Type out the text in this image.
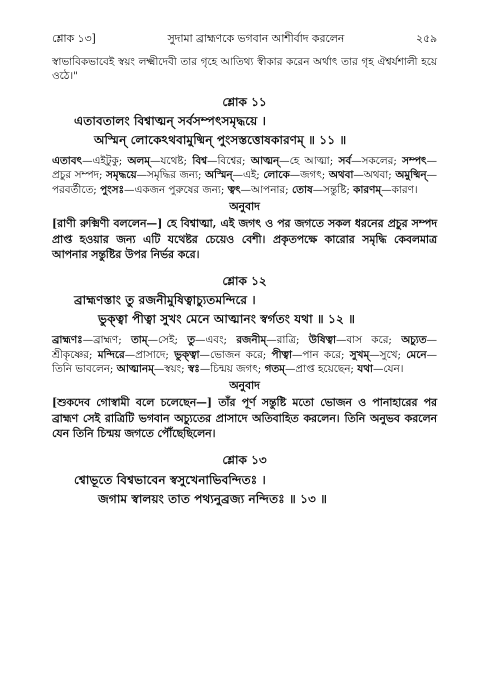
শ্লোক ১৩]	সুদামা ব্রাহ্মণকে ভগবান আশীর্বাদ করলেন	২৫৯

স্বাভাবিকভাবেই স্বয়ং লক্ষ্মীদেবী তার গৃহে আতিথ্য স্বীকার করেন অর্থাৎ তার গৃহ ঐশ্বর্যশালী হয়ে ওঠে।"

শ্লোক ১১
এতাবতালং বিশ্বাত্মন্ সর্বসম্পৎসমৃদ্ধয়ে ।
অস্মিন্ লোকেঽথবামুষ্মিন্ পুংসস্তত্তোষকারণম্ ॥ ১১ ॥

এতাবৎ—এইটুকু; অলম্—যথেষ্ট; বিশ্ব—বিশ্বের; আত্মন্—হে আত্মা; সর্ব—সকলের; সম্পৎ—প্রচুর সম্পদ; সমৃদ্ধয়ে—সমৃদ্ধির জন্য; অস্মিন্—এই; লোকে—জগৎ; অথবা—অথবা; অমুষ্মিন্—পরবর্তীতে; পুংসঃ—একজন পুরুষের জন্য; ত্বৎ—আপনার; তোষ—সন্তুষ্টি; কারণম্—কারণ।

অনুবাদ

[রাণী রুক্মিণী বললেন—] হে বিশ্বাত্মা, এই জগৎ ও পর জগতে সকল ধরনের প্রচুর সম্পদ প্রাপ্ত হওয়ার জন্য এটি যথেষ্টর চেয়েও বেশী। প্রকৃতপক্ষে কারোর সমৃদ্ধি কেবলমাত্র আপনার সন্তুষ্টির উপর নির্ভর করে।

শ্লোক ১২
ব্রাহ্মণস্তাং তু রজনীমুষিত্বাচ্যুতমন্দিরে ।
ভুক্ত্বা পীত্বা সুখং মেনে আত্মানং স্বর্গতং যথা ॥ ১২ ॥

ব্রাহ্মণঃ—ব্রাহ্মণ; তাম্—সেই; তু—এবং; রজনীম্—রাত্রি; উষিত্বা—বাস করে; অচ্যুত—শ্রীকৃষ্ণের; মন্দিরে—প্রাসাদে; ভুক্ত্বা—ভোজন করে; পীত্বা—পান করে; সুখম্—সুখে; মেনে—তিনি ভাবলেন; আত্মানম্—স্বয়ং; স্বঃ—চিন্ময় জগৎ; গতম্—প্রাপ্ত হয়েছেন; যথা—যেন।

অনুবাদ

[শুকদেব গোস্বামী বলে চলেছেন—] তাঁর পূর্ণ সন্তুষ্টি মতো ভোজন ও পানাহারের পর ব্রাহ্মণ সেই রাত্রিটি ভগবান অচ্যুতের প্রাসাদে অতিবাহিত করলেন। তিনি অনুভব করলেন যেন তিনি চিন্ময় জগতে পৌঁছেছিলেন।

শ্লোক ১৩
শ্বোভূতে বিশ্বভাবেন স্বসুখেনাভিবন্দিতঃ ।
জগাম স্বালয়ং তাত পথ্যনুব্রজ্য নন্দিতঃ ॥ ১৩ ॥
